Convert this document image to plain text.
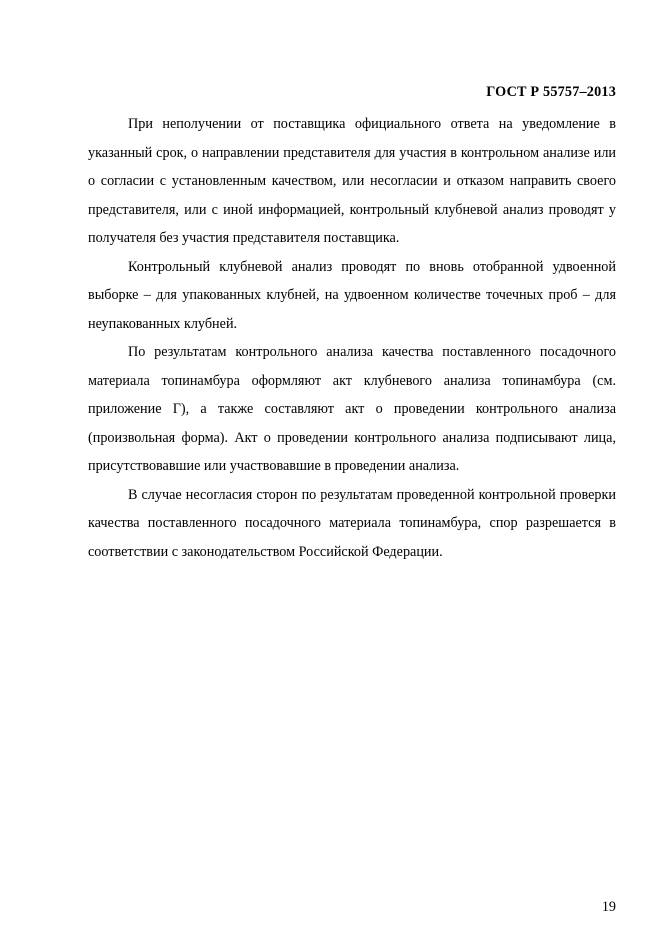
ГОСТ Р 55757–2013

При неполучении от поставщика официального ответа на уведомление в указанный срок, о направлении представителя для участия в контрольном анализе или о согласии с установленным качеством, или несогласии и отказом направить своего представителя, или с иной информацией, контрольный клубневой анализ проводят у получателя без участия представителя поставщика.

Контрольный клубневой анализ проводят по вновь отобранной удвоенной выборке – для упакованных клубней, на удвоенном количестве точечных проб – для неупакованных клубней.

По результатам контрольного анализа качества поставленного посадочного материала топинамбура оформляют акт клубневого анализа топинамбура (см. приложение Г), а также составляют акт о проведении контрольного анализа (произвольная форма). Акт о проведении контрольного анализа подписывают лица, присутствовавшие или участвовавшие в проведении анализа.

В случае несогласия сторон по результатам проведенной контрольной проверки качества поставленного посадочного материала топинамбура, спор разрешается в соответствии с законодательством Российской Федерации.

19
